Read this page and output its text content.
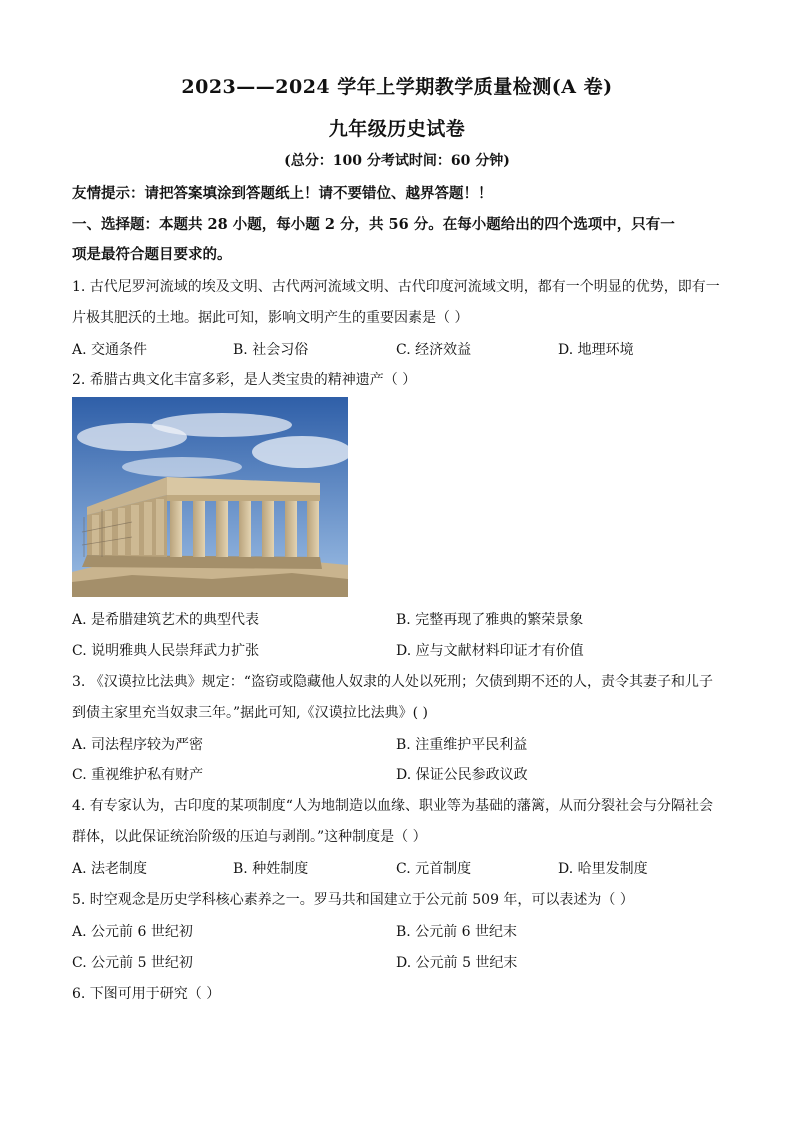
2023——2024 学年上学期教学质量检测(A 卷)
九年级历史试卷
(总分：100 分考试时间：60 分钟)
友情提示：请把答案填涂到答题纸上！请不要错位、越界答题！！
一、选择题：本题共 28 小题，每小题 2 分，共 56 分。在每小题给出的四个选项中，只有一
项是最符合题目要求的。
1. 古代尼罗河流域的埃及文明、古代两河流域文明、古代印度河流域文明，都有一个明显的优势，即有一
片极其肥沃的土地。据此可知，影响文明产生的重要因素是（ ）
A. 交通条件	B. 社会习俗	C. 经济效益	D. 地理环境
2. 希腊古典文化丰富多彩，是人类宝贵的精神遗产（ ）
A. 是希腊建筑艺术的典型代表	B. 完整再现了雅典的繁荣景象
C. 说明雅典人民崇拜武力扩张	D. 应与文献材料印证才有价值
3. 《汉谟拉比法典》规定：“盗窃或隐藏他人奴隶的人处以死刑；欠债到期不还的人，责令其妻子和儿子
到债主家里充当奴隶三年。”据此可知,《汉谟拉比法典》( )
A. 司法程序较为严密	B. 注重维护平民利益
C. 重视维护私有财产	D. 保证公民参政议政
4. 有专家认为，古印度的某项制度“人为地制造以血缘、职业等为基础的藩篱，从而分裂社会与分隔社会
群体，以此保证统治阶级的压迫与剥削。”这种制度是（ ）
A. 法老制度	B. 种姓制度	C. 元首制度	D. 哈里发制度
5. 时空观念是历史学科核心素养之一。罗马共和国建立于公元前 509 年，可以表述为（ ）
A. 公元前 6 世纪初	B. 公元前 6 世纪末
C. 公元前 5 世纪初	D. 公元前 5 世纪末
6. 下图可用于研究（ ）
